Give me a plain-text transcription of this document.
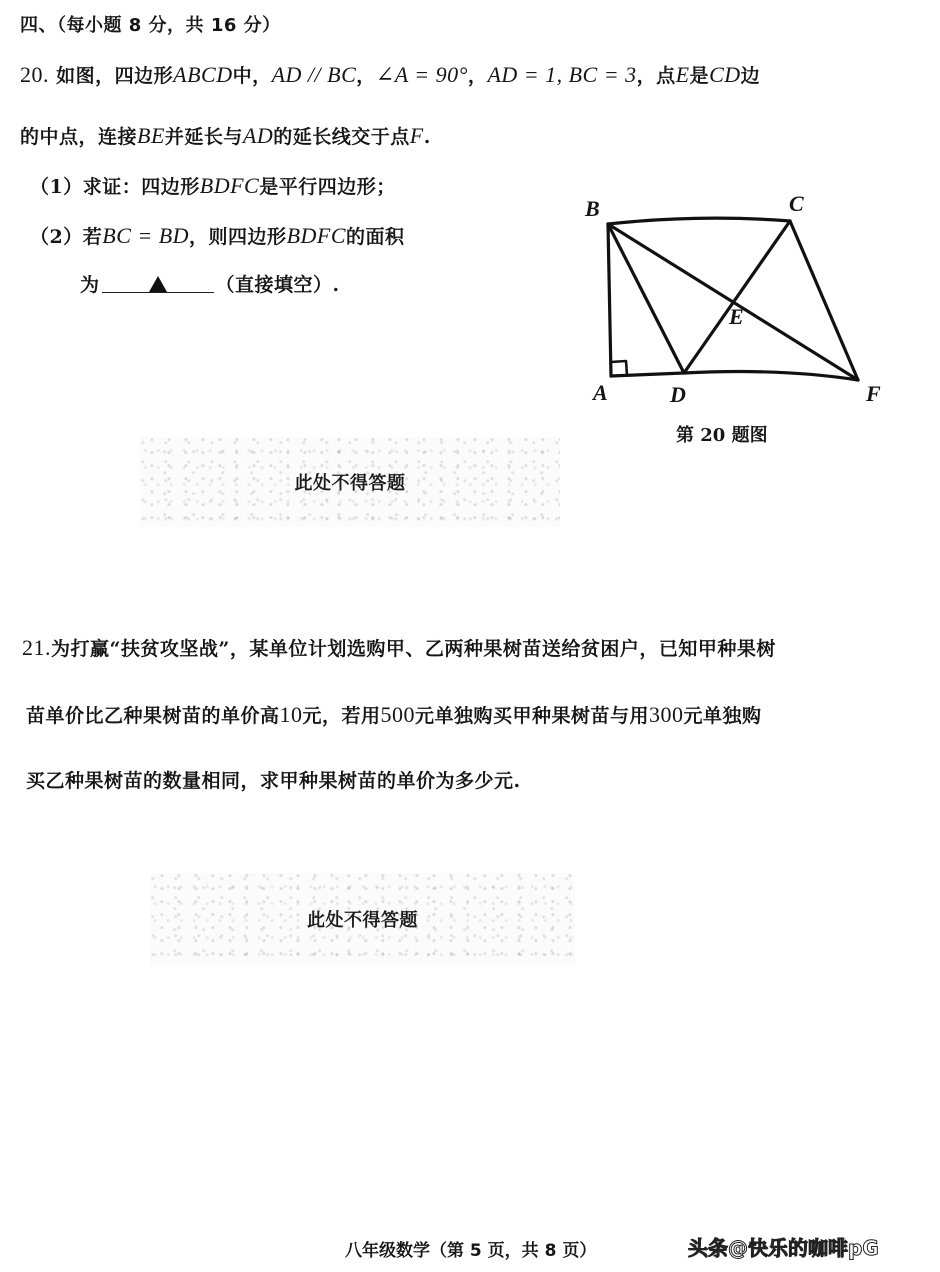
四、（每小题 8 分，共 16 分）
20. 如图，四边形ABCD中，AD // BC，∠A = 90°，AD = 1, BC = 3，点E是CD边
的中点，连接BE并延长与AD的延长线交于点F.
（1）求证：四边形BDFC是平行四边形；
（2）若BC = BD，则四边形BDFC的面积
为	（直接填空）.
B	C
A	D
E
F
第 20 题图
此处不得答题
21.为打赢“扶贫攻坚战”，某单位计划选购甲、乙两种果树苗送给贫困户，已知甲种果树
苗单价比乙种果树苗的单价高10元，若用500元单独购买甲种果树苗与用300元单独购
买乙种果树苗的数量相同，求甲种果树苗的单价为多少元.
此处不得答题
八年级数学（第 5 页，共 8 页）	头条@快乐的咖啡pG
